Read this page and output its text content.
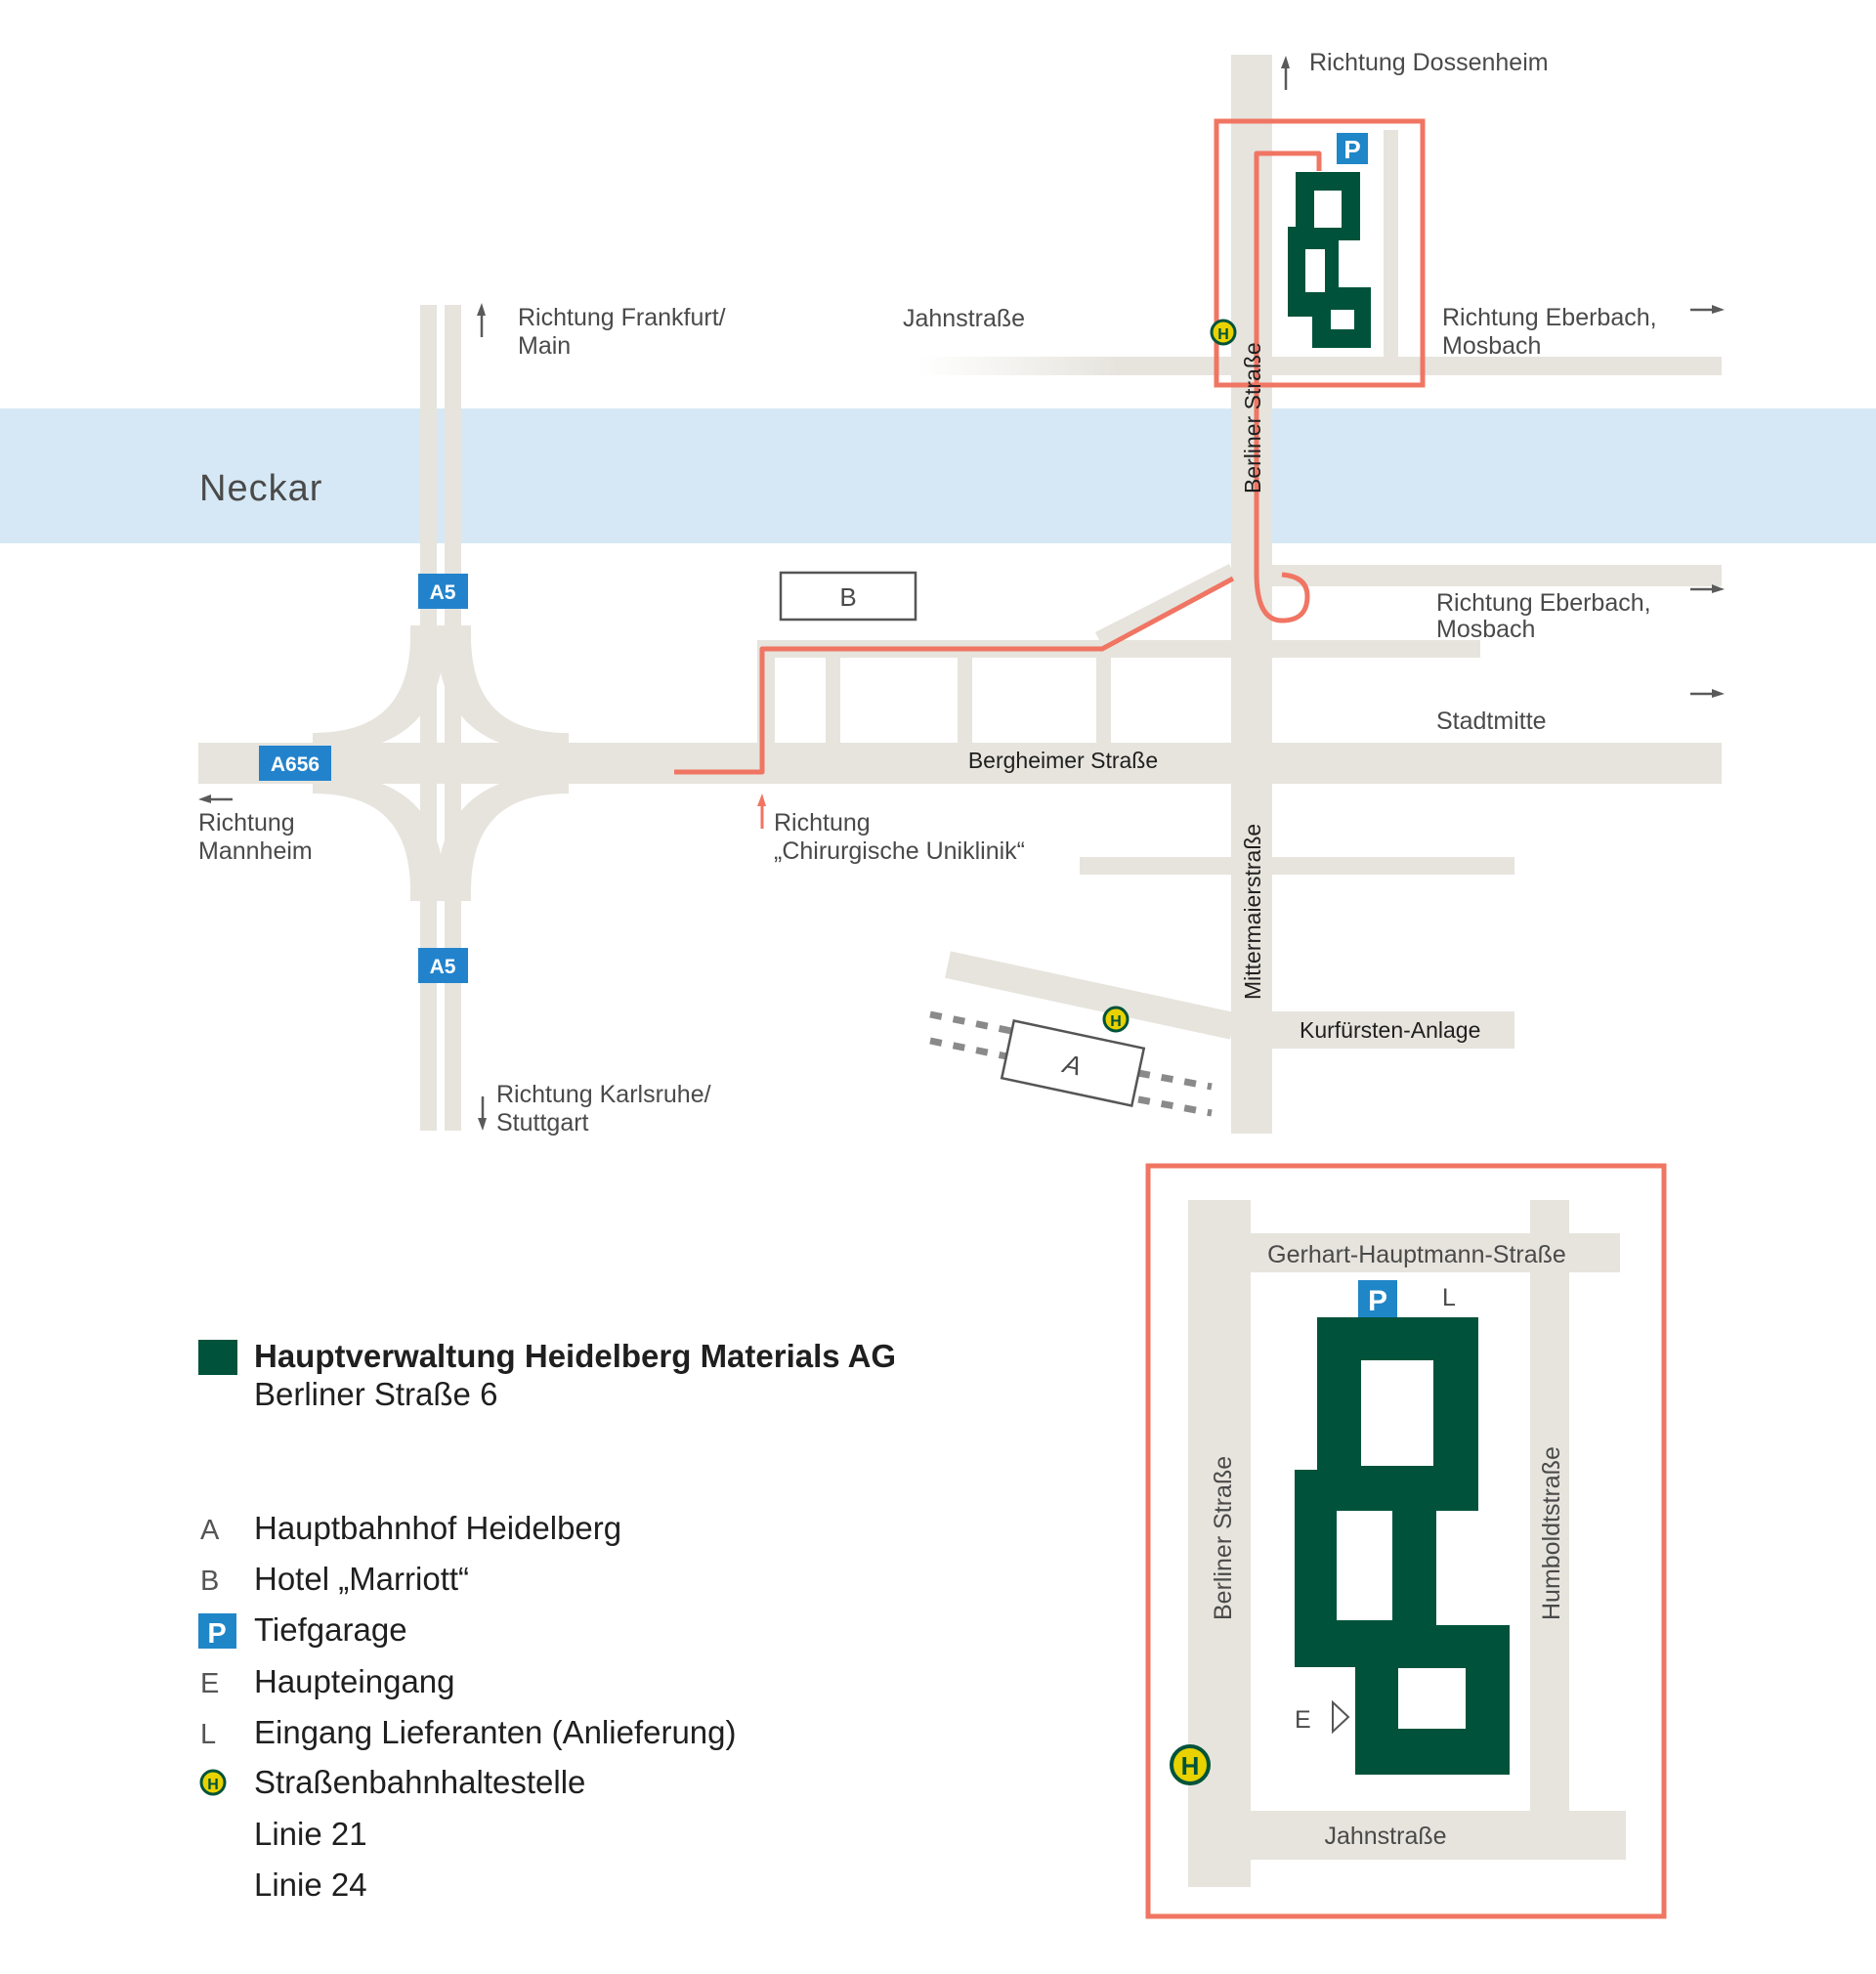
Neckar
A
B
P
H
H
A5
A5
A656
Richtung Dossenheim
Richtung Frankfurt/
Main
Richtung Eberbach,
Mosbach
Richtung Eberbach,
Mosbach
Stadtmitte
Richtung
Mannheim
Richtung
„Chirurgische Uniklinik“
Richtung Karlsruhe/
Stuttgart
Jahnstraße
Berliner Straße
Bergheimer Straße
Mittermaierstraße
Kurfürsten-Anlage
P L
E
H
Gerhart-Hauptmann-Straße
Berliner Straße	Humboldtstraße
Jahnstraße
Hauptverwaltung Heidelberg Materials AG
Berliner Straße 6
A Hauptbahnhof Heidelberg
B Hotel „Marriott“
P Tiefgarage
E Haupteingang
L Eingang Lieferanten (Anlieferung)
H Straßenbahnhaltestelle
Linie 21
Linie 24
